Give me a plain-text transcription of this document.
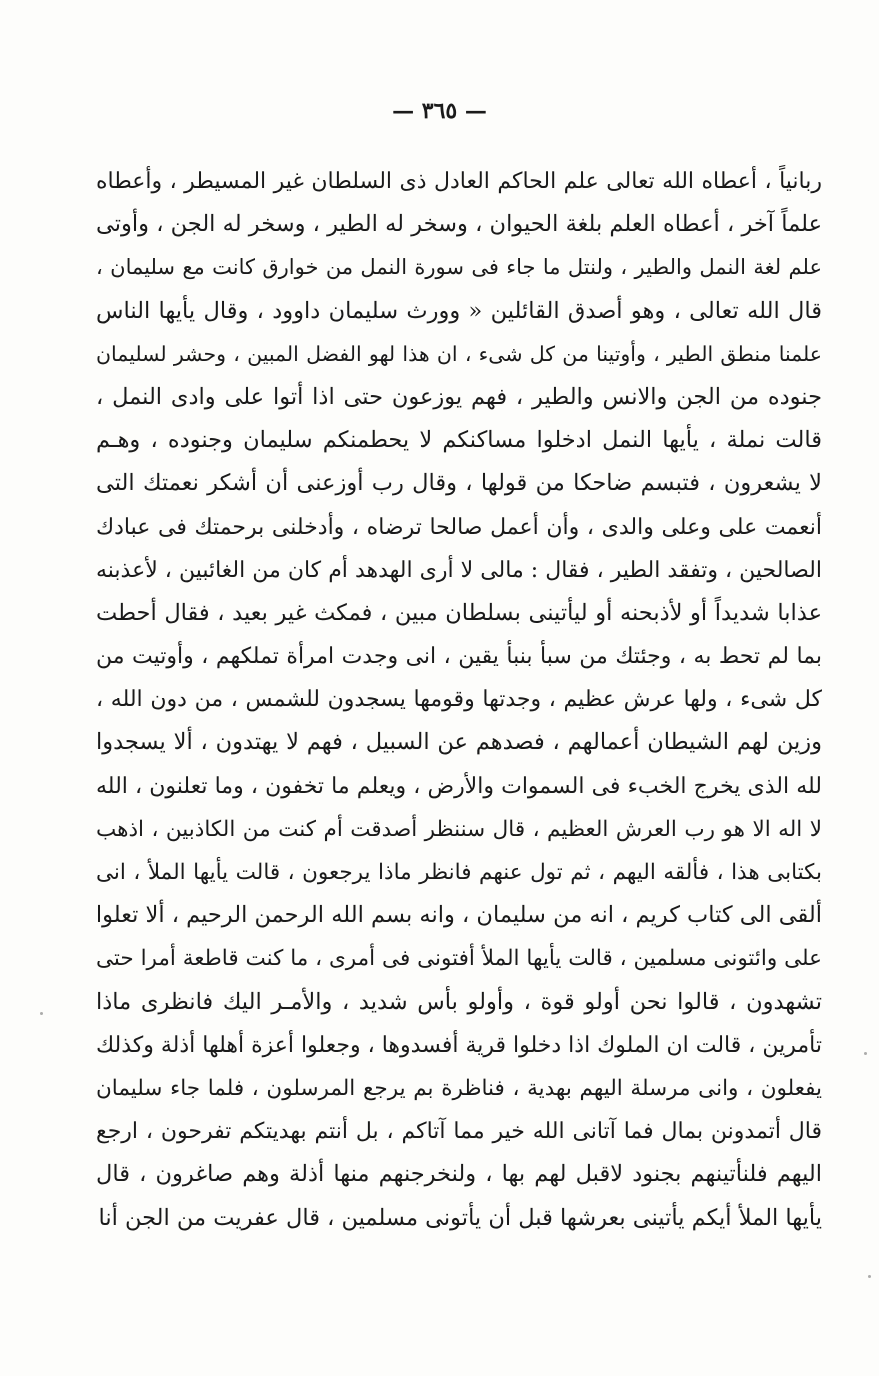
— ٣٦٥ —
ربانياً ، أعطاه الله تعالى علم الحاكم العادل ذى السلطان غير المسيطر ، وأعطاه
علماً آخر ، أعطاه العلم بلغة الحيوان ، وسخر له الطير ، وسخر له الجن ، وأوتى
علم لغة النمل والطير ، ولنتل ما جاء فى سورة النمل من خوارق كانت مع سليمان ،
قال الله تعالى ، وهو أصدق القائلين « وورث سليمان داوود ، وقال يأيها الناس
علمنا منطق الطير ، وأوتينا من كل شىء ، ان هذا لهو الفضل المبين ، وحشر لسليمان
جنوده من الجن والانس والطير ، فهم يوزعون حتى اذا أتوا على وادى النمل ،
قالت نملة ، يأيها النمل ادخلوا مساكنكم لا يحطمنكم سليمان وجنوده ، وهـم
لا يشعرون ، فتبسم ضاحكا من قولها ، وقال رب أوزعنى أن أشكر نعمتك التى
أنعمت على وعلى والدى ، وأن أعمل صالحا ترضاه ، وأدخلنى برحمتك فى عبادك
الصالحين ، وتفقد الطير ، فقال : مالى لا أرى الهدهد أم كان من الغائبين ، لأعذبنه
عذابا شديداً أو لأذبحنه أو ليأتينى بسلطان مبين ، فمكث غير بعيد ، فقال أحطت
بما لم تحط به ، وجئتك من سبأ بنبأ يقين ، انى وجدت امرأة تملكهم ، وأوتيت من
كل شىء ، ولها عرش عظيم ، وجدتها وقومها يسجدون للشمس ، من دون الله ،
وزين لهم الشيطان أعمالهم ، فصدهم عن السبيل ، فهم لا يهتدون ، ألا يسجدوا
لله الذى يخرج الخبء فى السموات والأرض ، ويعلم ما تخفون ، وما تعلنون ، الله
لا اله الا هو رب العرش العظيم ، قال سننظر أصدقت أم كنت من الكاذبين ، اذهب
بكتابى هذا ، فألقه اليهم ، ثم تول عنهم فانظر ماذا يرجعون ، قالت يأيها الملأ ، انى
ألقى الى كتاب كريم ، انه من سليمان ، وانه بسم الله الرحمن الرحيم ، ألا تعلوا
على وائتونى مسلمين ، قالت يأيها الملأ أفتونى فى أمرى ، ما كنت قاطعة أمرا حتى
تشهدون ، قالوا نحن أولو قوة ، وأولو بأس شديد ، والأمـر اليك فانظرى ماذا
تأمرين ، قالت ان الملوك اذا دخلوا قرية أفسدوها ، وجعلوا أعزة أهلها أذلة وكذلك
يفعلون ، وانى مرسلة اليهم بهدية ، فناظرة بم يرجع المرسلون ، فلما جاء سليمان
قال أتمدونن بمال فما آتانى الله خير مما آتاكم ، بل أنتم بهديتكم تفرحون ، ارجع
اليهم فلنأتينهم بجنود لاقبل لهم بها ، ولنخرجنهم منها أذلة وهم صاغرون ، قال
يأيها الملأ أيكم يأتينى بعرشها قبل أن يأتونى مسلمين ، قال عفريت من الجن أنا
